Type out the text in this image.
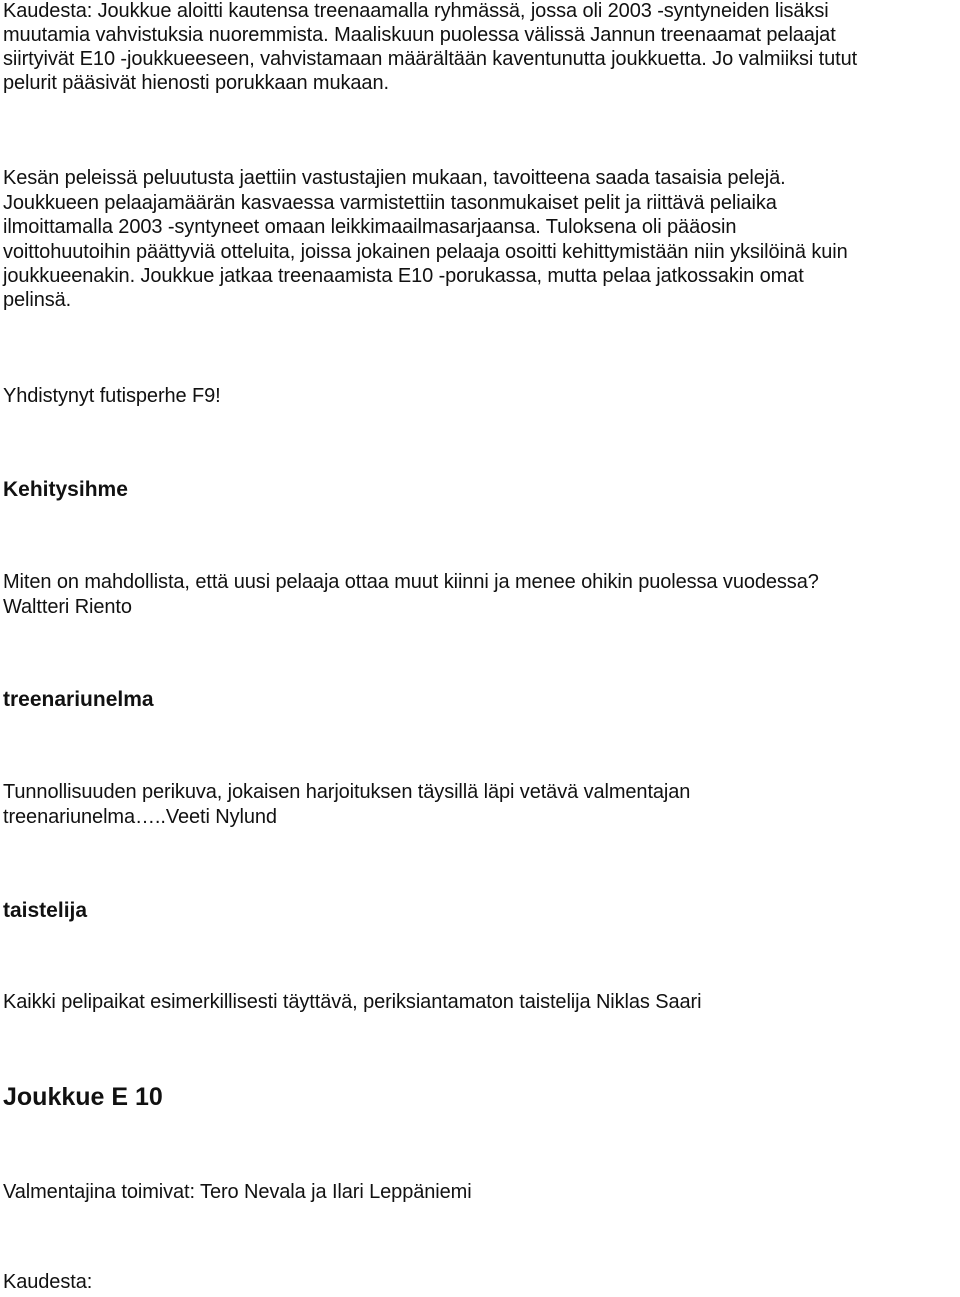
Kaudesta: Joukkue aloitti kautensa treenaamalla ryhmässä, jossa oli 2003 -syntyneiden lisäksi

muutamia vahvistuksia nuoremmista. Maaliskuun puolessa välissä Jannun treenaamat pelaajat

siirtyivät E10 -joukkueeseen, vahvistamaan määrältään kaventunutta joukkuetta. Jo valmiiksi tutut

pelurit pääsivät hienosti porukkaan mukaan.

Kesän peleissä peluutusta jaettiin vastustajien mukaan, tavoitteena saada tasaisia pelejä.

Joukkueen pelaajamäärän kasvaessa varmistettiin tasonmukaiset pelit ja riittävä peliaika

ilmoittamalla 2003 -syntyneet omaan leikkimaailmasarjaansa. Tuloksena oli pääosin

voittohuutoihin päättyviä otteluita, joissa jokainen pelaaja osoitti kehittymistään niin yksilöinä kuin

joukkueenakin. Joukkue jatkaa treenaamista E10 -porukassa, mutta pelaa jatkossakin omat

pelinsä.

Yhdistynyt futisperhe F9!

Kehitysihme

Miten on mahdollista, että uusi pelaaja ottaa muut kiinni ja menee ohikin puolessa vuodessa?

Waltteri Riento

treenariunelma

Tunnollisuuden perikuva, jokaisen harjoituksen täysillä läpi vetävä valmentajan

treenariunelma…..Veeti Nylund

taistelija

Kaikki pelipaikat esimerkillisesti täyttävä, periksiantamaton taistelija Niklas Saari

Joukkue E 10

Valmentajina toimivat: Tero Nevala ja Ilari Leppäniemi

Kaudesta:
